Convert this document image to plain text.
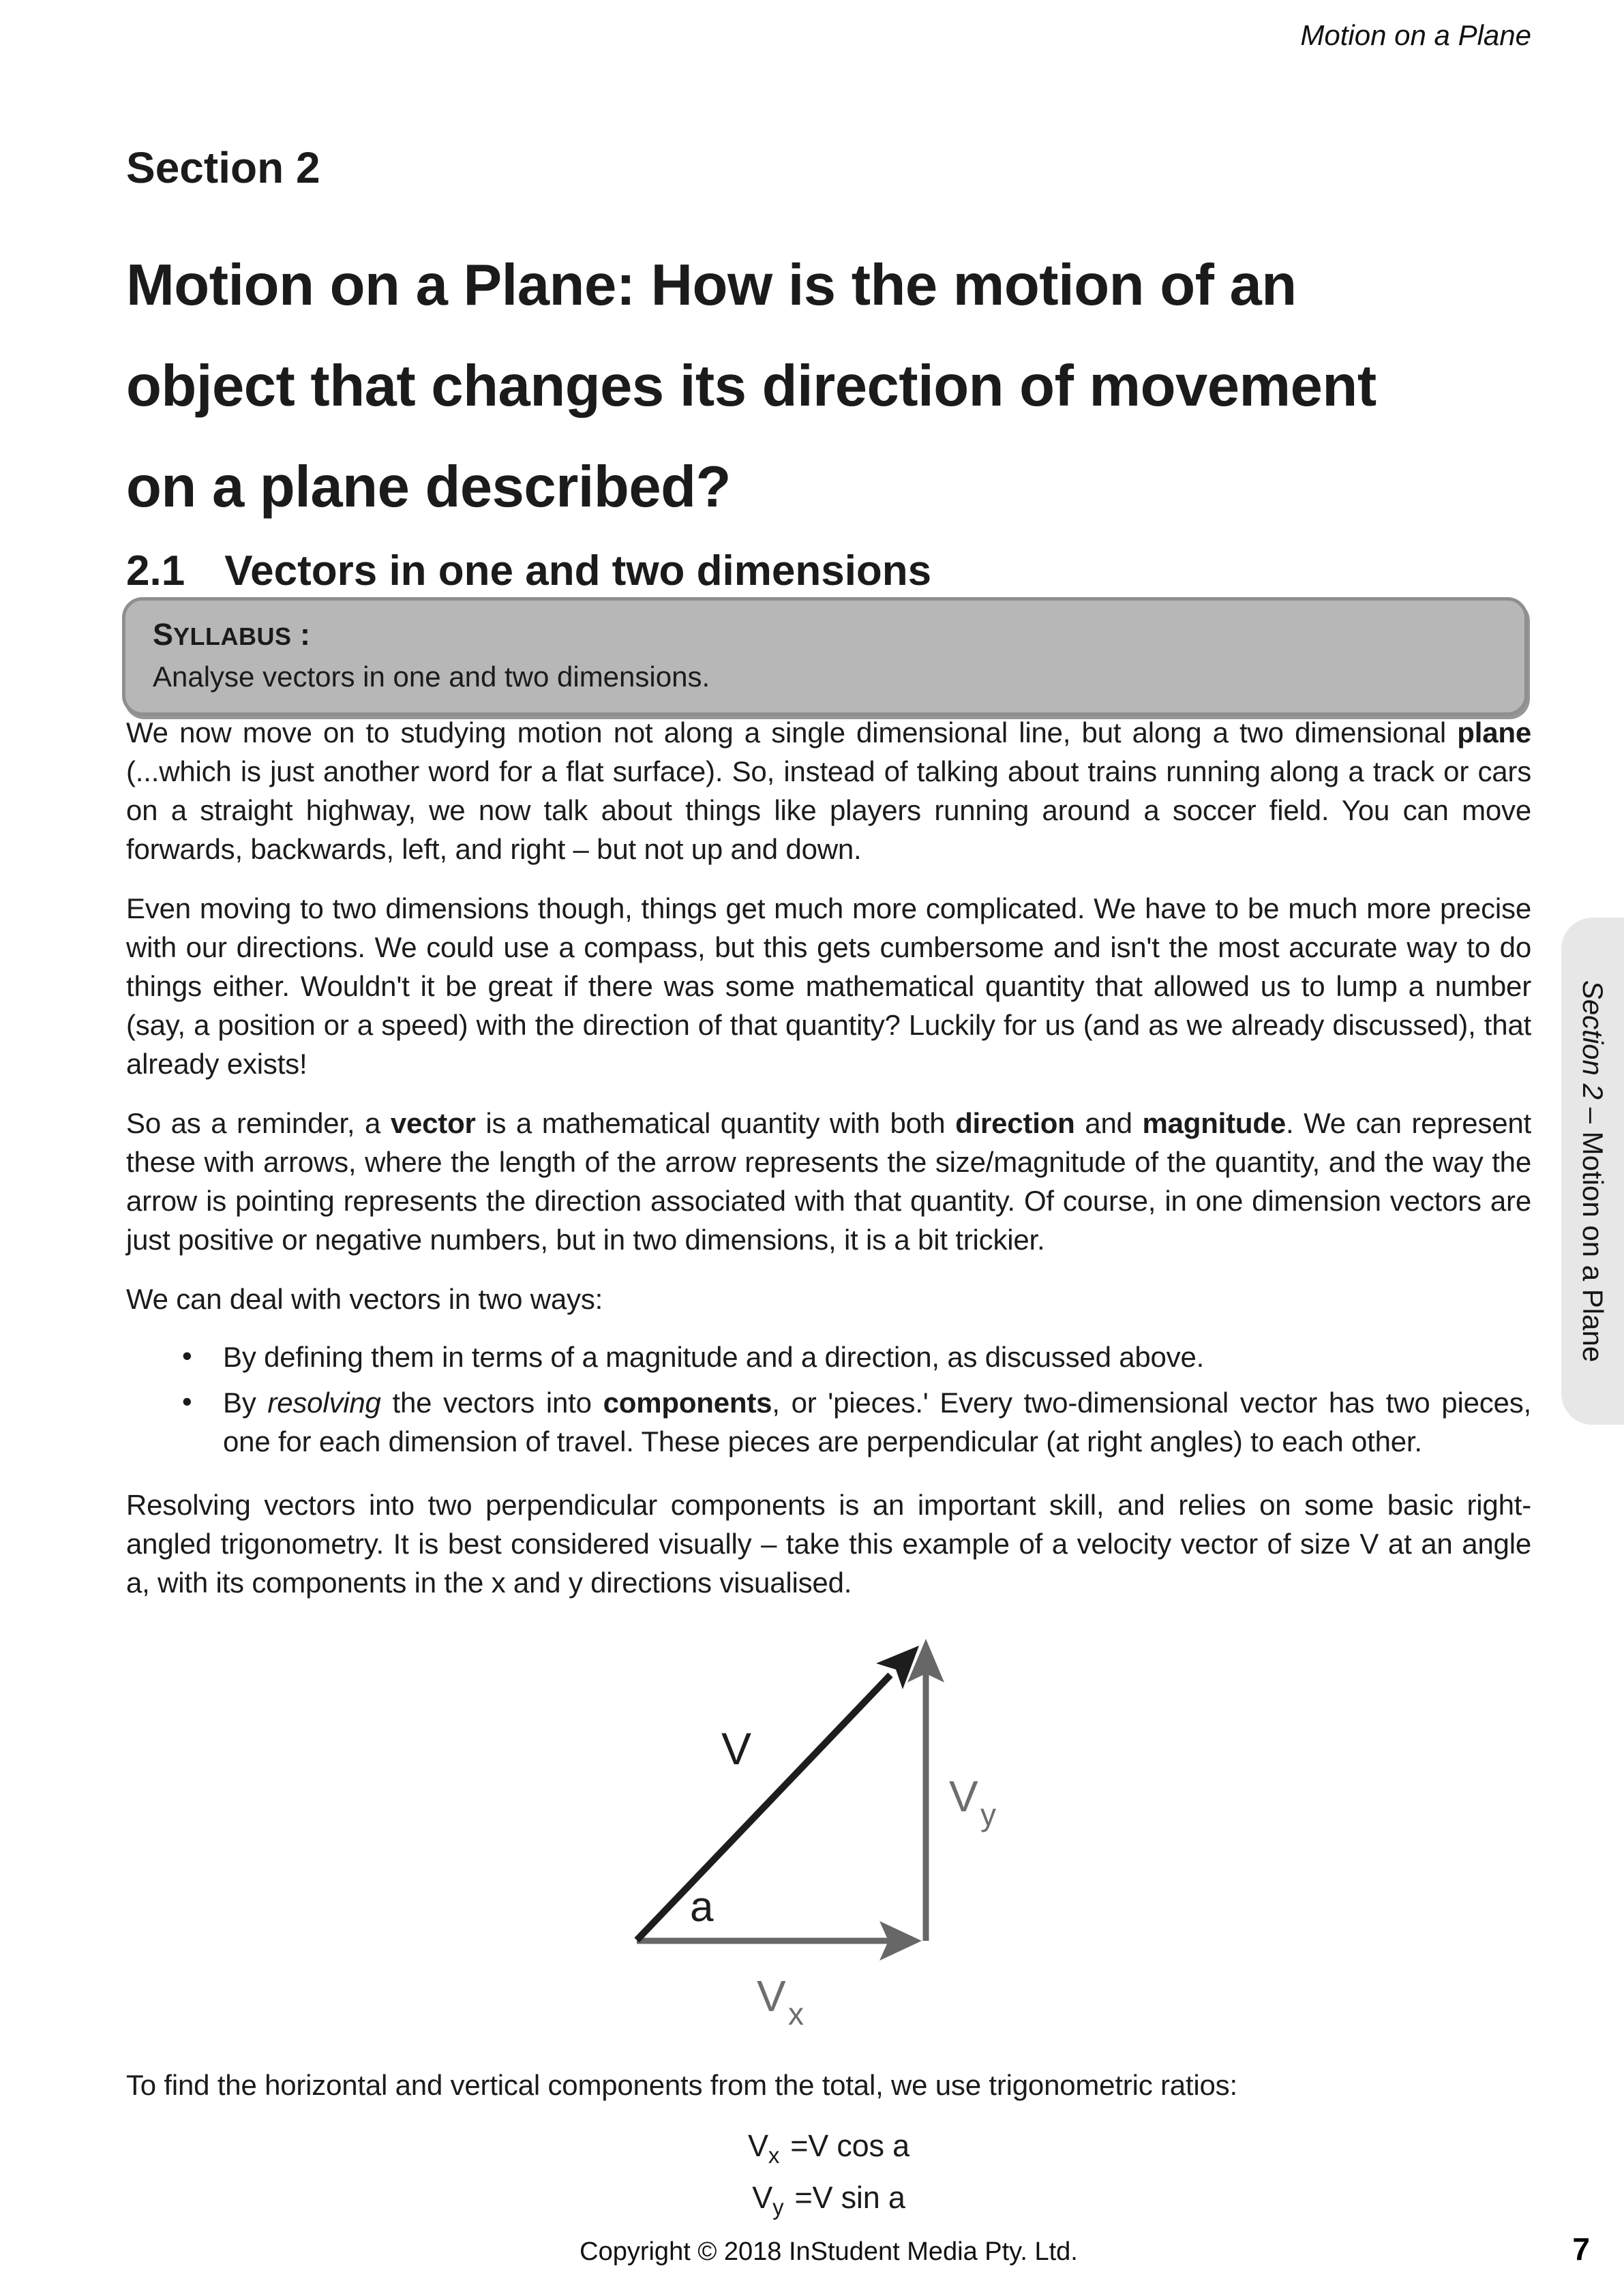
Motion on a Plane
Section 2
Motion on a Plane: How is the motion of an
object that changes its direction of movement
on a plane described?
2.1 Vectors in one and two dimensions
SYLLABUS :
Analyse vectors in one and two dimensions.

We now move on to studying motion not along a single dimensional line, but along a two dimensional plane (...which is just another word for a flat surface). So, instead of talking about trains running along a track or cars on a straight highway, we now talk about things like players running around a soccer field. You can move forwards, backwards, left, and right – but not up and down.

Even moving to two dimensions though, things get much more complicated. We have to be much more precise with our directions. We could use a compass, but this gets cumbersome and isn't the most accurate way to do things either. Wouldn't it be great if there was some mathematical quantity that allowed us to lump a number (say, a position or a speed) with the direction of that quantity? Luckily for us (and as we already discussed), that already exists!

So as a reminder, a vector is a mathematical quantity with both direction and magnitude. We can represent these with arrows, where the length of the arrow represents the size/magnitude of the quantity, and the way the arrow is pointing represents the direction associated with that quantity. Of course, in one dimension vectors are just positive or negative numbers, but in two dimensions, it is a bit trickier.

We can deal with vectors in two ways:

• By defining them in terms of a magnitude and a direction, as discussed above.
• By resolving the vectors into components, or 'pieces.' Every two-dimensional vector has two pieces, one for each dimension of travel. These pieces are perpendicular (at right angles) to each other.

Resolving vectors into two perpendicular components is an important skill, and relies on some basic right-angled trigonometry. It is best considered visually – take this example of a velocity vector of size V at an angle a, with its components in the x and y directions visualised.

V
a
V y
V x

To find the horizontal and vertical components from the total, we use trigonometric ratios:

$V_x =V$ cos a
$V_y =V$ sin a
Copyright © 2018 InStudent Media Pty. Ltd.	7
Section 2 – Motion on a Plane
